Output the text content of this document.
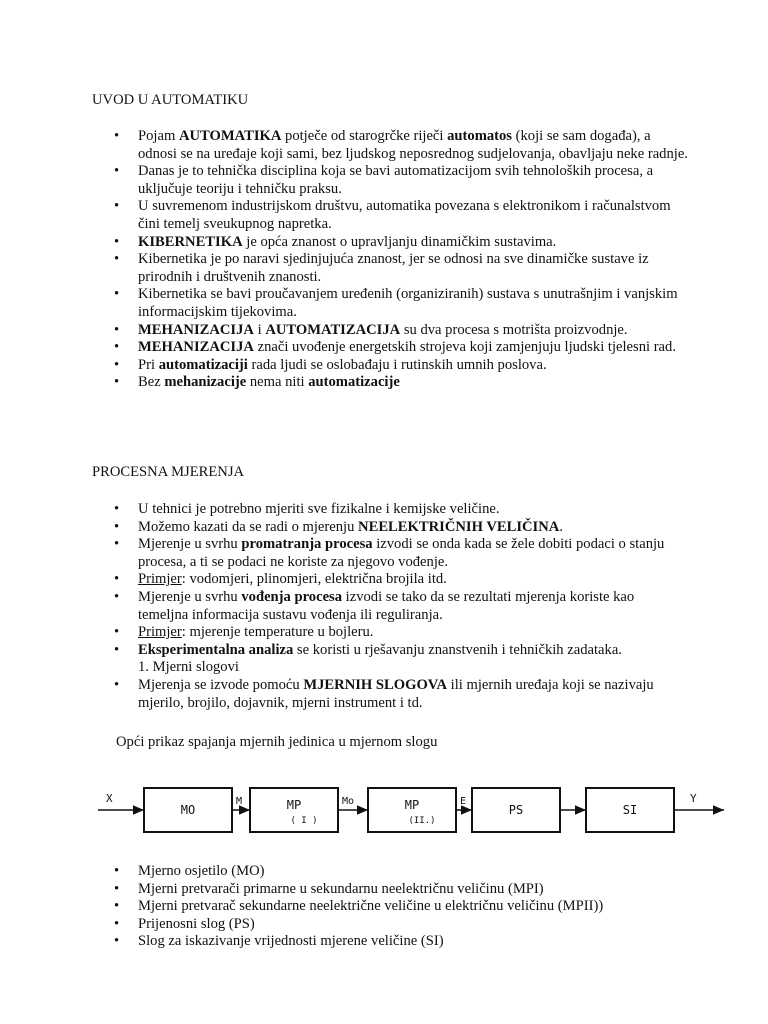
UVOD U AUTOMATIKU
• Pojam AUTOMATIKA potječe od starogrčke riječi automatos (koji se sam događa), a odnosi se na uređaje koji sami, bez ljudskog neposrednog sudjelovanja, obavljaju neke radnje.
• Danas je to tehnička disciplina koja se bavi automatizacijom svih tehnoloških procesa, a uključuje teoriju i tehničku praksu.
• U suvremenom industrijskom društvu, automatika povezana s elektronikom i računalstvom čini temelj sveukupnog napretka.
• KIBERNETIKA je opća znanost o upravljanju dinamičkim sustavima.
• Kibernetika je po naravi sjedinjujuća znanost, jer se odnosi na sve dinamičke sustave iz prirodnih i društvenih znanosti.
• Kibernetika se bavi proučavanjem uređenih (organiziranih) sustava s unutrašnjim i vanjskim informacijskim tijekovima.
• MEHANIZACIJA i AUTOMATIZACIJA su dva procesa s motrišta proizvodnje.
• MEHANIZACIJA znači uvođenje energetskih strojeva koji zamjenjuju ljudski tjelesni rad.
• Pri automatizaciji rada ljudi se oslobađaju i rutinskih umnih poslova.
• Bez mehanizacije nema niti automatizacije
PROCESNA MJERENJA
• U tehnici je potrebno mjeriti sve fizikalne i kemijske veličine.
• Možemo kazati da se radi o mjerenju NEELEKTRIČNIH VELIČINA.
• Mjerenje u svrhu promatranja procesa izvodi se onda kada se žele dobiti podaci o stanju procesa, a ti se podaci ne koriste za njegovo vođenje.
• Primjer: vodomjeri, plinomjeri, električna brojila itd.
• Mjerenje u svrhu vođenja procesa izvodi se tako da se rezultati mjerenja koriste kao temeljna informacija sustavu vođenja ili reguliranja.
• Primjer: mjerenje temperature u bojleru.
• Eksperimentalna analiza se koristi u rješavanju znanstvenih i tehničkih zadataka.
1. Mjerni slogovi
• Mjerenja se izvode pomoću MJERNIH SLOGOVA ili mjernih uređaja koji se nazivaju mjerilo, brojilo, dojavnik, mjerni instrument i td.

Opći prikaz spajanja mjernih jedinica u mjernom slogu

X
MO	MP
( I )
MP
(II.)
PS	SI
M	Mo	E	Y
• Mjerno osjetilo (MO)
• Mjerni pretvarači primarne u sekundarnu neelektričnu veličinu (MPI)
• Mjerni pretvarač sekundarne neelektrične veličine u električnu veličinu (MPII))
• Prijenosni slog (PS)
• Slog za iskazivanje vrijednosti mjerene veličine (SI)
